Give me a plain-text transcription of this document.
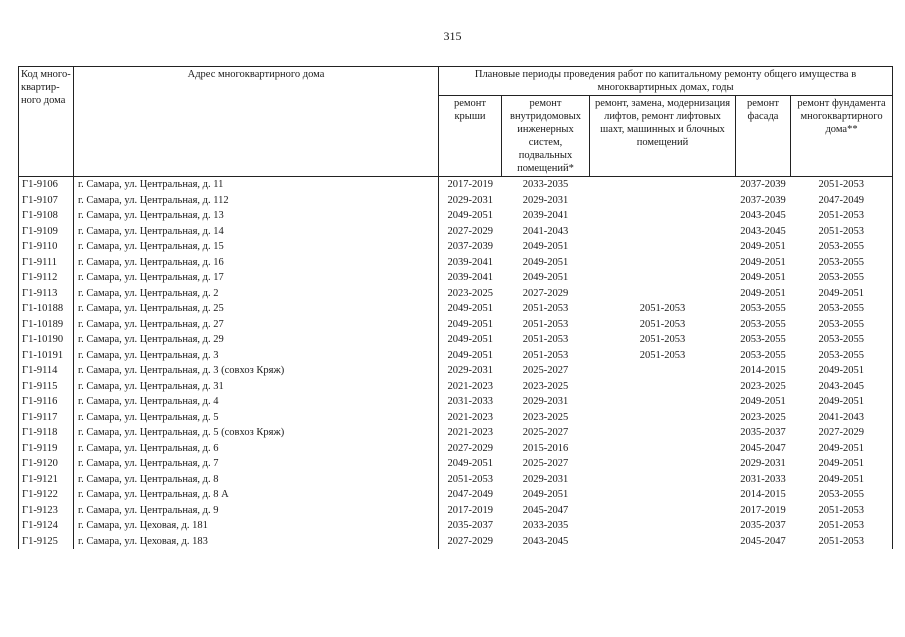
315
Код много-
квартир-
ного дома	Адрес многоквартирного дома	Плановые периоды проведения работ по капитальному ремонту общего имущества в многоквартирных домах, годы				
		ремонт крыши	ремонт внутридомовых инженерных систем, подвальных помещений*	ремонт, замена, модернизация лифтов, ремонт лифтовых шахт, машинных и блочных помещений	ремонт фасада	ремонт фундамента многоквартирного дома**
Г1-9106	г. Самара, ул. Центральная, д. 11	2017-2019	2033-2035		2037-2039	2051-2053
Г1-9107	г. Самара, ул. Центральная, д. 112	2029-2031	2029-2031		2037-2039	2047-2049
Г1-9108	г. Самара, ул. Центральная, д. 13	2049-2051	2039-2041		2043-2045	2051-2053
Г1-9109	г. Самара, ул. Центральная, д. 14	2027-2029	2041-2043		2043-2045	2051-2053
Г1-9110	г. Самара, ул. Центральная, д. 15	2037-2039	2049-2051		2049-2051	2053-2055
Г1-9111	г. Самара, ул. Центральная, д. 16	2039-2041	2049-2051		2049-2051	2053-2055
Г1-9112	г. Самара, ул. Центральная, д. 17	2039-2041	2049-2051		2049-2051	2053-2055
Г1-9113	г. Самара, ул. Центральная, д. 2	2023-2025	2027-2029		2049-2051	2049-2051
Г1-10188	г. Самара, ул. Центральная, д. 25	2049-2051	2051-2053	2051-2053	2053-2055	2053-2055
Г1-10189	г. Самара, ул. Центральная, д. 27	2049-2051	2051-2053	2051-2053	2053-2055	2053-2055
Г1-10190	г. Самара, ул. Центральная, д. 29	2049-2051	2051-2053	2051-2053	2053-2055	2053-2055
Г1-10191	г. Самара, ул. Центральная, д. 3	2049-2051	2051-2053	2051-2053	2053-2055	2053-2055
Г1-9114	г. Самара, ул. Центральная, д. 3 (совхоз Кряж)	2029-2031	2025-2027		2014-2015	2049-2051
Г1-9115	г. Самара, ул. Центральная, д. 31	2021-2023	2023-2025		2023-2025	2043-2045
Г1-9116	г. Самара, ул. Центральная, д. 4	2031-2033	2029-2031		2049-2051	2049-2051
Г1-9117	г. Самара, ул. Центральная, д. 5	2021-2023	2023-2025		2023-2025	2041-2043
Г1-9118	г. Самара, ул. Центральная, д. 5 (совхоз Кряж)	2021-2023	2025-2027		2035-2037	2027-2029
Г1-9119	г. Самара, ул. Центральная, д. 6	2027-2029	2015-2016		2045-2047	2049-2051
Г1-9120	г. Самара, ул. Центральная, д. 7	2049-2051	2025-2027		2029-2031	2049-2051
Г1-9121	г. Самара, ул. Центральная, д. 8	2051-2053	2029-2031		2031-2033	2049-2051
Г1-9122	г. Самара, ул. Центральная, д. 8 А	2047-2049	2049-2051		2014-2015	2053-2055
Г1-9123	г. Самара, ул. Центральная, д. 9	2017-2019	2045-2047		2017-2019	2051-2053
Г1-9124	г. Самара, ул. Цеховая, д. 181	2035-2037	2033-2035		2035-2037	2051-2053
Г1-9125	г. Самара, ул. Цеховая, д. 183	2027-2029	2043-2045		2045-2047	2051-2053
